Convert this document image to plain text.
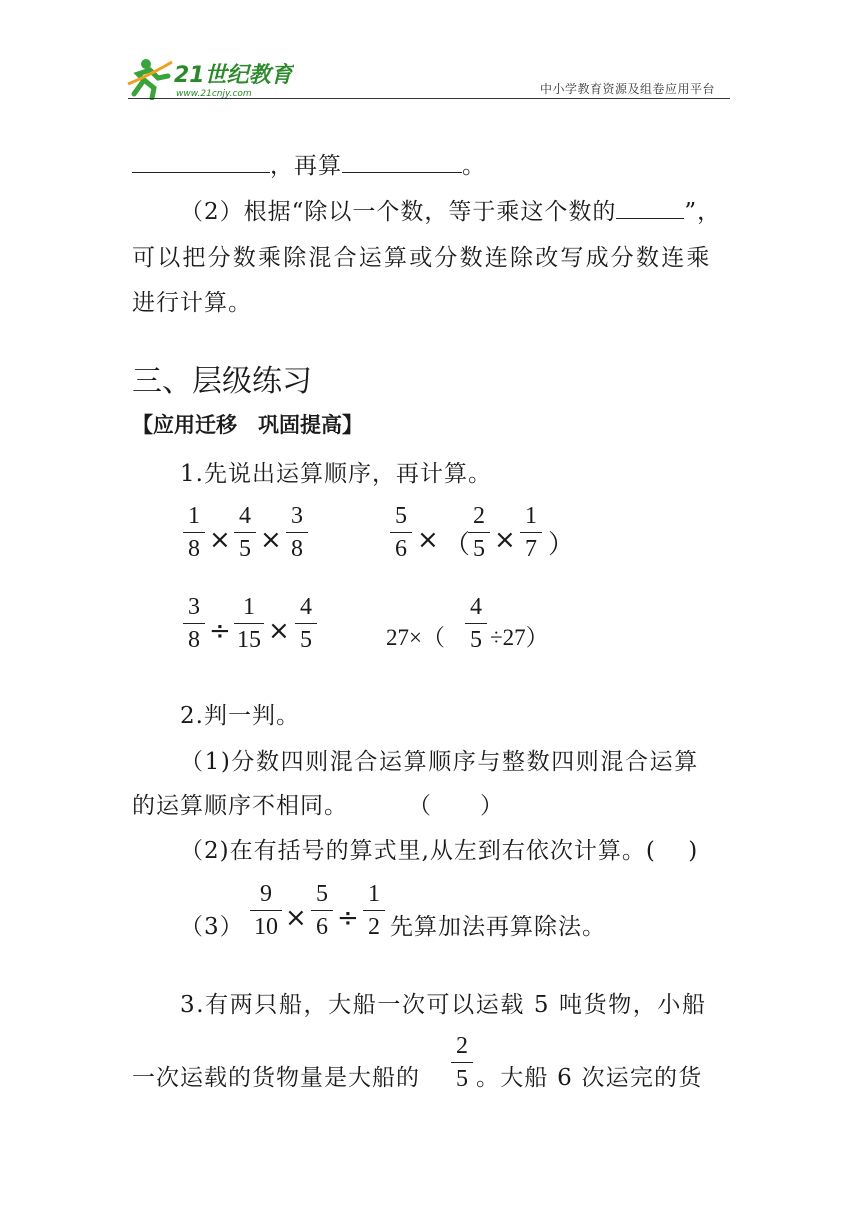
21世纪教育
www.21cnjy.com	中小学教育资源及组卷应用平台
，再算	。
（2）根据“除以一个数，等于乘这个数的	”，
可以把分数乘除混合运算或分数连除改写成分数连乘
进行计算。
三、层级练习
【应用迁移　巩固提高】
1.先说出运算顺序，再计算。
1
8 ×
4
5 ×
3
8
5
6 × （
2
5 ×
1
7 ）
3
8 ÷
1
15 ×
4
5	27×（
4
5 ÷27）
2.判一判。
（1)分数四则混合运算顺序与整数四则混合运算
的运算顺序不相同。	（　　）
（2)在有括号的算式里,从左到右依次计算。(　 )
（3）
9
10 ×
5
6 ÷
1
2 先算加法再算除法。
3.有两只船，大船一次可以运载 5 吨货物，小船
一次运载的货物量是大船的
2
5 。大船 6 次运完的货
